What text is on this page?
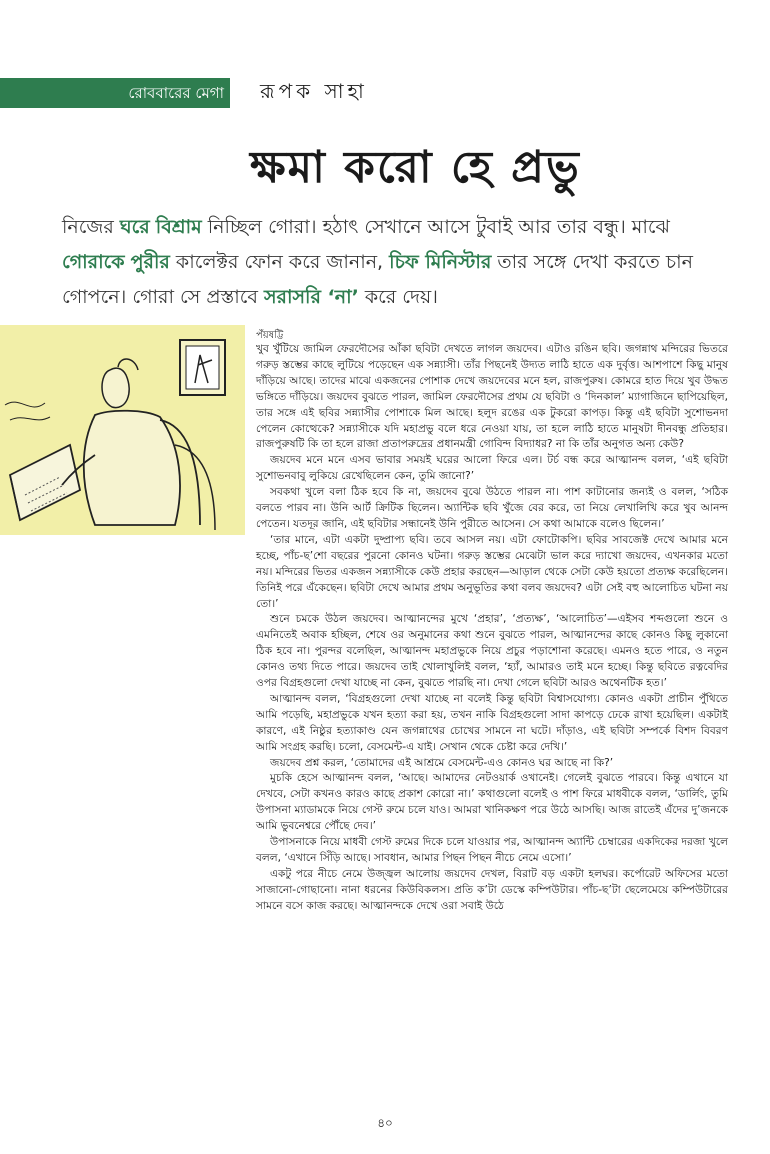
রোববারের মেগা	রূপক সাহা
ক্ষমা করো হে প্রভু
নিজের ঘরে বিশ্রাম নিচ্ছিল গোরা। হঠাৎ সেখানে আসে টুবাই আর তার বন্ধু। মাঝে গোরাকে পুরীর কালেক্টর ফোন করে জানান, চিফ মিনিস্টার তার সঙ্গে দেখা করতে চান গোপনে। গোরা সে প্রস্তাবে সরাসরি ‘না’ করে দেয়।
পঁয়ষট্টি

খুব খুঁটিয়ে জামিল ফেরদৌসের আঁকা ছবিটা দেখতে লাগল জয়দেব। এটাও রঙিন ছবি। জগন্নাথ মন্দিরের ভিতরে গরুড় স্তম্ভের কাছে লুটিয়ে পড়েছেন এক সন্ন্যাসী। তাঁর পিছনেই উদ্যত লাঠি হাতে এক দুর্বৃত্ত। আশপাশে কিছু মানুষ দাঁড়িয়ে আছে। তাদের মাঝে একজনের পোশাক দেখে জয়দেবের মনে হল, রাজপুরুষ। কোমরে হাত দিয়ে খুব উদ্ধত ভঙ্গিতে দাঁড়িয়ে। জয়দেব বুঝতে পারল, জামিল ফেরদৌসের প্রথম যে ছবিটা ও ‘দিনকাল’ ম্যাগাজিনে ছাপিয়েছিল, তার সঙ্গে এই ছবির সন্ন্যাসীর পোশাকে মিল আছে। হলুদ রঙের এক টুকরো কাপড়। কিন্তু এই ছবিটা সুশোভনদা পেলেন কোত্থেকে? সন্ন্যাসীকে যদি মহাপ্রভু বলে ধরে নেওয়া যায়, তা হলে লাঠি হাতে মানুষটা দীনবন্ধু প্রতিহার। রাজপুরুষটি কি তা হলে রাজা প্রতাপরুদ্রের প্রধানমন্ত্রী গোবিন্দ বিদ্যাধর? না কি তাঁর অনুগত অন্য কেউ?

জয়দেব মনে মনে এসব ভাবার সময়ই ঘরের আলো ফিরে এল। টর্চ বন্ধ করে আত্মানন্দ বলল, ‘এই ছবিটা সুশোভনবাবু লুকিয়ে রেখেছিলেন কেন, তুমি জানো?’

সবকথা খুলে বলা ঠিক হবে কি না, জয়দেব বুঝে উঠতে পারল না। পাশ কাটানোর জন্যই ও বলল, ‘সঠিক বলতে পারব না। উনি আর্ট ক্রিটিক ছিলেন। অ্যান্টিক ছবি খুঁজে বের করে, তা নিয়ে লেখালিখি করে খুব আনন্দ পেতেন। যতদূর জানি, এই ছবিটার সন্ধানেই উনি পুরীতে আসেন। সে কথা আমাকে বলেও ছিলেন।’

‘তার মানে, এটা একটা দুষ্প্রাপ্য ছবি। তবে আসল নয়। এটা ফোটোকপি। ছবির সাবজেক্ট দেখে আমার মনে হচ্ছে, পাঁচ-ছ’শো বছরের পুরনো কোনও ঘটনা। গরুড় স্তম্ভের মেঝেটা ভাল করে দ্যাখো জয়দেব, এখনকার মতো নয়। মন্দিরের ভিতর একজন সন্ন্যাসীকে কেউ প্রহার করছেন—আড়াল থেকে সেটা কেউ হয়তো প্রত্যক্ষ করেছিলেন। তিনিই পরে এঁকেছেন। ছবিটা দেখে আমার প্রথম অনুভূতির কথা বলব জয়দেব? এটা সেই বহু আলোচিত ঘটনা নয় তো।’

শুনে চমকে উঠল জয়দেব। আত্মানন্দের মুখে ‘প্রহার’, ‘প্রত্যক্ষ’, ‘আলোচিত’—এইসব শব্দগুলো শুনে ও এমনিতেই অবাক হচ্ছিল, শেষে ওর অনুমানের কথা শুনে বুঝতে পারল, আত্মানন্দের কাছে কোনও কিছু লুকানো ঠিক হবে না। পুরন্দর বলেছিল, আত্মানন্দ মহাপ্রভুকে নিয়ে প্রচুর পড়াশোনা করেছে। এমনও হতে পারে, ও নতুন কোনও তথ্য দিতে পারে। জয়দেব তাই খোলাখুলিই বলল, ‘হ্যাঁ, আমারও তাই মনে হচ্ছে। কিন্তু ছবিতে রত্নবেদির ওপর বিগ্রহগুলো দেখা যাচ্ছে না কেন, বুঝতে পারছি না। দেখা গেলে ছবিটা আরও অথেনটিক হত।’

আত্মানন্দ বলল, ‘বিগ্রহগুলো দেখা যাচ্ছে না বলেই কিন্তু ছবিটা বিশ্বাসযোগ্য। কোনও একটা প্রাচীন পুঁথিতে আমি পড়েছি, মহাপ্রভুকে যখন হত্যা করা হয়, তখন নাকি বিগ্রহগুলো সাদা কাপড়ে ঢেকে রাখা হয়েছিল। একটাই কারণে, এই নিষ্ঠুর হত্যাকাণ্ড যেন জগন্নাথের চোখের সামনে না ঘটে। দাঁড়াও, এই ছবিটা সম্পর্কে বিশদ বিবরণ আমি সংগ্রহ করছি। চলো, বেসমেন্ট-এ যাই। সেখান থেকে চেষ্টা করে দেখি।’

জয়দেব প্রশ্ন করল, ‘তোমাদের এই আশ্রমে বেসমেন্ট-এও কোনও ঘর আছে না কি?’

মুচকি হেসে আত্মানন্দ বলল, ‘আছে। আমাদের নেটওয়ার্ক ওখানেই। গেলেই বুঝতে পারবে। কিন্তু এখানে যা দেখবে, সেটা কখনও কারও কাছে প্রকাশ কোরো না।’ কথাগুলো বলেই ও পাশ ফিরে মাধবীকে বলল, ‘ডার্লিং, তুমি উপাসনা ম্যাডামকে নিয়ে গেস্ট রুমে চলে যাও। আমরা খানিকক্ষণ পরে উঠে আসছি। আজ রাতেই এঁদের দু’জনকে আমি ভুবনেশ্বরে পৌঁছে দেব।’

উপাসনাকে নিয়ে মাধবী গেস্ট রুমের দিকে চলে যাওয়ার পর, আত্মানন্দ অ্যান্টি চেম্বারের একদিকের দরজা খুলে বলল, ‘এখানে সিঁড়ি আছে। সাবধান, আমার পিছন পিছন নীচে নেমে এসো।’

একটু পরে নীচে নেমে উজ্জ্বল আলোয় জয়দেব দেখল, বিরাট বড় একটা হলঘর। কর্পোরেট অফিসের মতো সাজানো-গোছানো। নানা ধরনের কিউবিকলস। প্রতি ক’টা ডেস্কে কম্পিউটার। পাঁচ-ছ’টা ছেলেমেয়ে কম্পিউটারের সামনে বসে কাজ করছে। আত্মানন্দকে দেখে ওরা সবাই উঠে

৪০
